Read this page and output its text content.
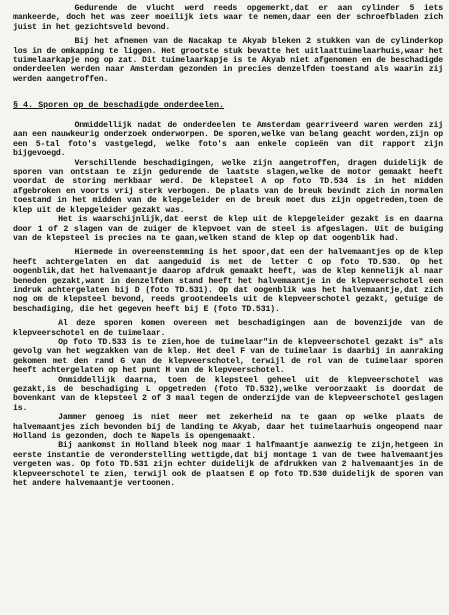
Gedurende de vlucht werd reeds opgemerkt,dat er aan cylinder 5 iets mankeerde, doch het was zeer moeilijk iets waar te nemen,daar een der schroefbladen zich juist in het gezichtsveld bevond.

Bij het afnemen van de Nacakap te Akyab bleken 2 stukken van de cylinderkop los in de omkapping te liggen. Het grootste stuk bevatte het uitlaattuimelaarhuis,waar het tuimelaarkapje nog op zat. Dit tuimelaarkapje is te Akyab niet afgenomen en de beschadigde onderdeelen werden naar Amsterdam gezonden in precies denzelfden toestand als waarin zij werden aangetroffen.

§ 4. Sporen op de beschadigde onderdeelen.

Onmiddellijk nadat de onderdeelen te Amsterdam gearriveerd waren werden zij aan een nauwkeurig onderzoek onderworpen. De sporen,welke van belang geacht worden,zijn op een 5-tal foto's vastgelegd, welke foto's aan enkele copieën van dit rapport zijn bijgevoegd.

Verschillende beschadigingen, welke zijn aangetroffen, dragen duidelijk de sporen van ontstaan te zijn gedurende de laatste slagen,welke de motor gemaakt heeft voordat de storing merkbaar werd. De klepsteel A op foto TD.534 is in het midden afgebroken en voorts vrij sterk verbogen. De plaats van de breuk bevindt zich in normalen toestand in het midden van de klepgeleider en de breuk moet dus zijn opgetreden,toen de klep uit de klepgeleider gezakt was.

Het is waarschijnlijk,dat eerst de klep uit de klepgeleider gezakt is en daarna door 1 of 2 slagen van de zuiger de klepvoet van de steel is afgeslagen. Uit de buiging van de klepsteel is precies na te gaan,welken stand de klep op dat oogenblik had.

Hiermede in overeenstemming is het spoor,dat een der halvemaantjes op de klep heeft achtergelaten en dat aangeduid is met de letter C op foto TD.530. Op het oogenblik,dat het halvemaantje daarop afdruk gemaakt heeft, was de klep kennelijk al naar beneden gezakt,want in denzelfden stand heeft het halvemaantje in de klepveerschotel een indruk achtergelaten bij D (foto TD.531). Op dat oogenblik was het halvemaantje,dat zich nog om de klepsteel bevond, reeds grootendeels uit de klepveerschotel gezakt, getuige de beschadiging, die het gegeven heeft bij E (foto TD.531).

Al deze sporen komen overeen met beschadigingen aan de bovenzijde van de klepveerschotel en de tuimelaar.

Op foto TD.533 is te zien,hoe de tuimelaar"in de klepveerschotel gezakt is" als gevolg van het wegzakken van de klep. Het deel F van de tuimelaar is daarbij in aanraking gekomen met den rand G van de klepveerschotel, terwijl de rol van de tuimelaar sporen heeft achtergelaten op het punt H van de klepveerschotel.

Onmiddellijk daarna, toen de klepsteel geheel uit de klepveerschotel was gezakt,is de beschadiging L opgetreden (foto TD.532),welke veroorzaakt is doordat de bovenkant van de klepsteel 2 of 3 maal tegen de onderzijde van de klepveerschotel geslagen is.

Jammer genoeg is niet meer met zekerheid na te gaan op welke plaats de halvemaantjes zich bevonden bij de landing te Akyab, daar het tuimelaarhuis ongeopend naar Holland is gezonden, doch te Napels is opengemaakt.

Bij aankomst in Holland bleek nog maar 1 halfmaantje aanwezig te zijn,hetgeen in eerste instantie de veronderstelling wettigde,dat bij montage 1 van de twee halvemaantjes vergeten was. Op foto TD.531 zijn echter duidelijk de afdrukken van 2 halvemaantjes in de klepveerschotel te zien, terwijl ook de plaatsen E op foto TD.530 duidelijk de sporen van het andere halvemaantje vertoonen.
